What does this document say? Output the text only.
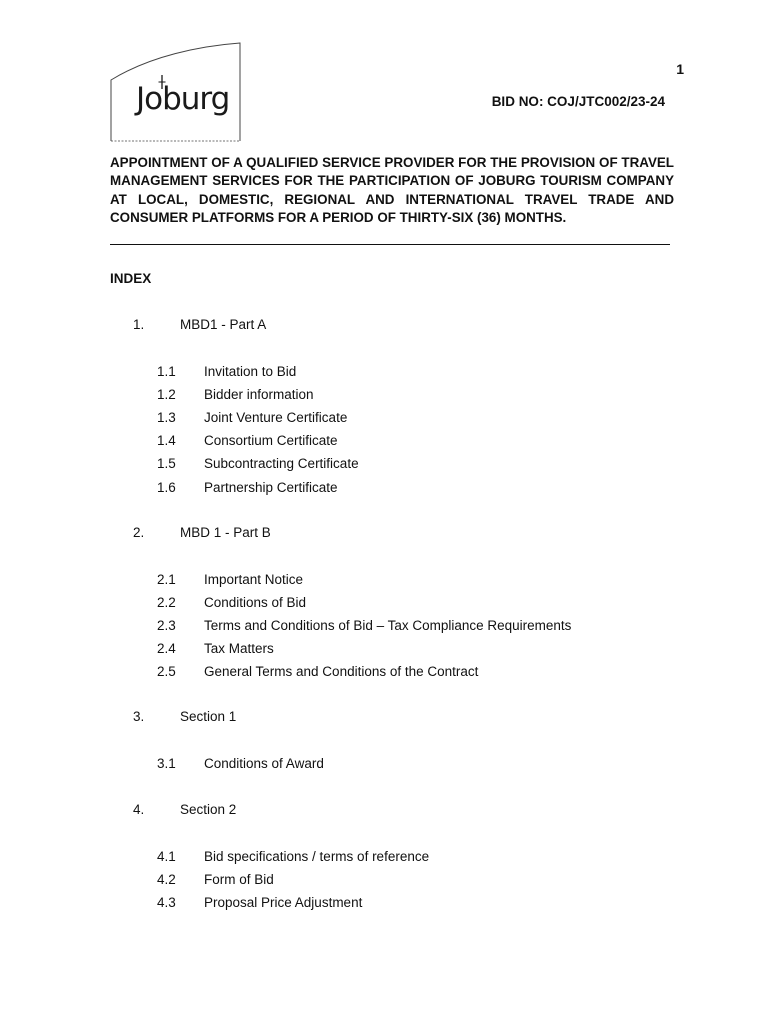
Joburg
1
BID NO: COJ/JTC002/23-24

APPOINTMENT OF A QUALIFIED SERVICE PROVIDER FOR THE PROVISION OF TRAVEL MANAGEMENT SERVICES FOR THE PARTICIPATION OF JOBURG TOURISM COMPANY AT LOCAL, DOMESTIC, REGIONAL AND INTERNATIONAL TRAVEL TRADE AND CONSUMER PLATFORMS FOR A PERIOD OF THIRTY-SIX (36) MONTHS.

INDEX
1.	MBD1 - Part A
1.1 Invitation to Bid
1.2 Bidder information
1.3 Joint Venture Certificate
1.4 Consortium Certificate
1.5 Subcontracting Certificate
1.6 Partnership Certificate
2.	MBD 1 - Part B
2.1 Important Notice
2.2 Conditions of Bid
2.3 Terms and Conditions of Bid – Tax Compliance Requirements
2.4 Tax Matters
2.5 General Terms and Conditions of the Contract
3.	Section 1
3.1 Conditions of Award
4.	Section 2
4.1 Bid specifications / terms of reference
4.2 Form of Bid
4.3 Proposal Price Adjustment
